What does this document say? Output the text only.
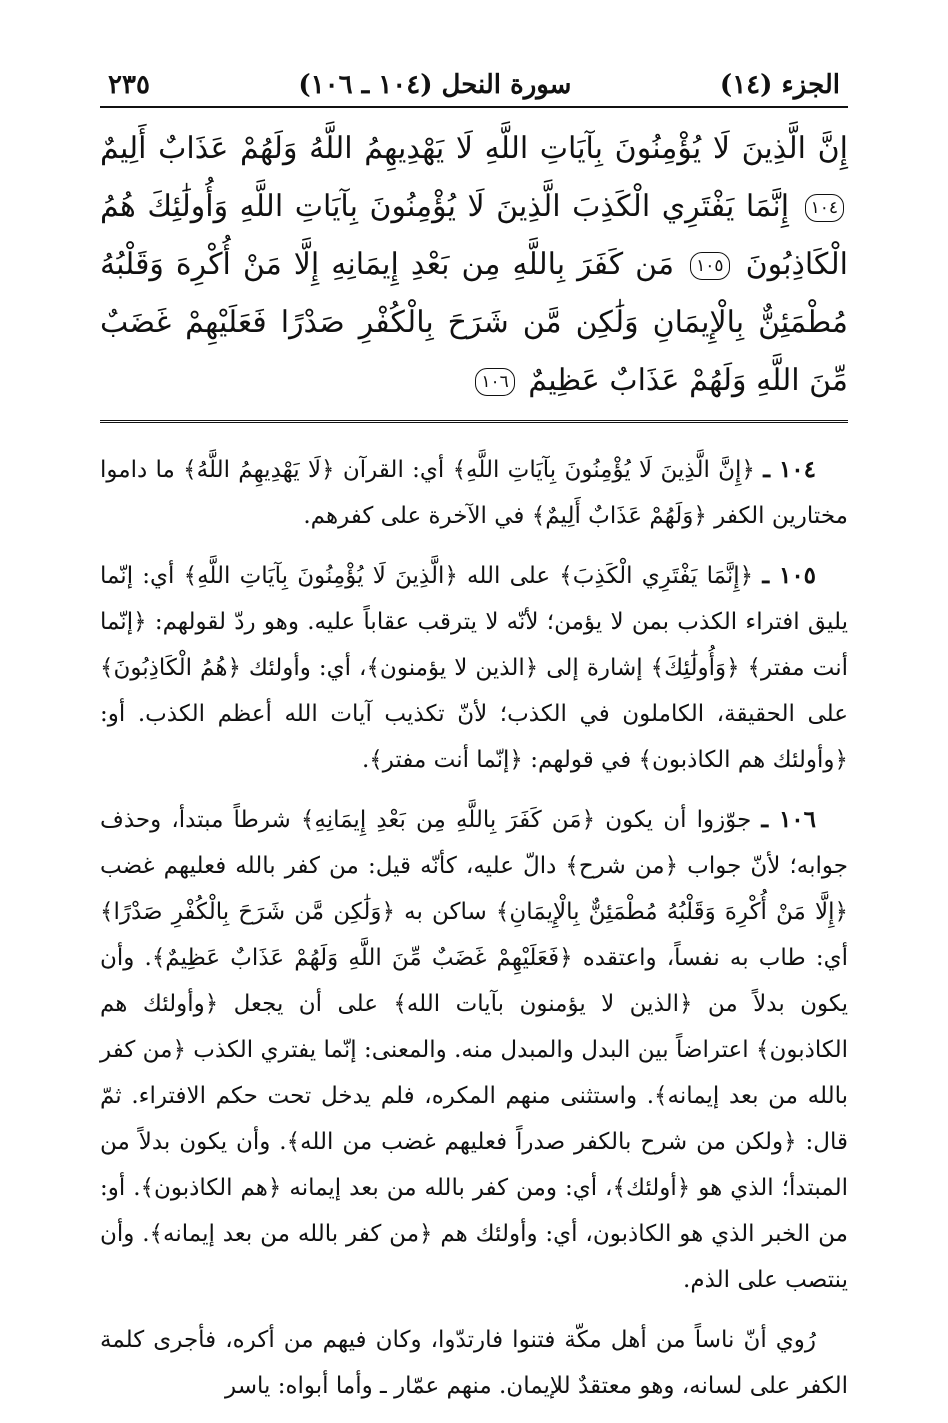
الجزء (١٤)
سورة النحل (١٠٤ ـ ١٠٦)
٢٣٥
إِنَّ الَّذِينَ لَا يُؤْمِنُونَ بِآيَاتِ اللَّهِ لَا يَهْدِيهِمُ اللَّهُ وَلَهُمْ عَذَابٌ أَلِيمٌ ١٠٤ إِنَّمَا يَفْتَرِي الْكَذِبَ الَّذِينَ لَا يُؤْمِنُونَ بِآيَاتِ اللَّهِ وَأُولَٰئِكَ هُمُ الْكَاذِبُونَ ١٠٥ مَن كَفَرَ بِاللَّهِ مِن بَعْدِ إِيمَانِهِ إِلَّا مَنْ أُكْرِهَ وَقَلْبُهُ مُطْمَئِنٌّ بِالْإِيمَانِ وَلَٰكِن مَّن شَرَحَ بِالْكُفْرِ صَدْرًا فَعَلَيْهِمْ غَضَبٌ مِّنَ اللَّهِ وَلَهُمْ عَذَابٌ عَظِيمٌ ١٠٦

١٠٤ ـ ﴿إِنَّ الَّذِينَ لَا يُؤْمِنُونَ بِآيَاتِ اللَّهِ﴾ أي: القرآن ﴿لَا يَهْدِيهِمُ اللَّهُ﴾ ما داموا مختارين الكفر ﴿وَلَهُمْ عَذَابٌ أَلِيمٌ﴾ في الآخرة على كفرهم.

١٠٥ ـ ﴿إِنَّمَا يَفْتَرِي الْكَذِبَ﴾ على الله ﴿الَّذِينَ لَا يُؤْمِنُونَ بِآيَاتِ اللَّهِ﴾ أي: إنّما يليق افتراء الكذب بمن لا يؤمن؛ لأنّه لا يترقب عقاباً عليه. وهو ردّ لقولهم: ﴿إنّما أنت مفتر﴾ ﴿وَأُولَٰئِكَ﴾ إشارة إلى ﴿الذين لا يؤمنون﴾، أي: وأولئك ﴿هُمُ الْكَاذِبُونَ﴾ على الحقيقة، الكاملون في الكذب؛ لأنّ تكذيب آيات الله أعظم الكذب. أو: ﴿وأولئك هم الكاذبون﴾ في قولهم: ﴿إنّما أنت مفتر﴾.

١٠٦ ـ جوّزوا أن يكون ﴿مَن كَفَرَ بِاللَّهِ مِن بَعْدِ إِيمَانِهِ﴾ شرطاً مبتدأ، وحذف جوابه؛ لأنّ جواب ﴿من شرح﴾ دالّ عليه، كأنّه قيل: من كفر بالله فعليهم غضب ﴿إِلَّا مَنْ أُكْرِهَ وَقَلْبُهُ مُطْمَئِنٌّ بِالْإِيمَانِ﴾ ساكن به ﴿وَلَٰكِن مَّن شَرَحَ بِالْكُفْرِ صَدْرًا﴾ أي: طاب به نفساً، واعتقده ﴿فَعَلَيْهِمْ غَضَبٌ مِّنَ اللَّهِ وَلَهُمْ عَذَابٌ عَظِيمٌ﴾. وأن يكون بدلاً من ﴿الذين لا يؤمنون بآيات الله﴾ على أن يجعل ﴿وأولئك هم الكاذبون﴾ اعتراضاً بين البدل والمبدل منه. والمعنى: إنّما يفتري الكذب ﴿من كفر بالله من بعد إيمانه﴾. واستثنى منهم المكره، فلم يدخل تحت حكم الافتراء. ثمّ قال: ﴿ولكن من شرح بالكفر صدراً فعليهم غضب من الله﴾. وأن يكون بدلاً من المبتدأ؛ الذي هو ﴿أولئك﴾، أي: ومن كفر بالله من بعد إيمانه ﴿هم الكاذبون﴾. أو: من الخبر الذي هو الكاذبون، أي: وأولئك هم ﴿من كفر بالله من بعد إيمانه﴾. وأن ينتصب على الذم.

رُوي أنّ ناساً من أهل مكّة فتنوا فارتدّوا، وكان فيهم من أكره، فأجرى كلمة الكفر على لسانه، وهو معتقدٌ للإيمان. منهم عمّار ـ وأما أبواه: ياسر
